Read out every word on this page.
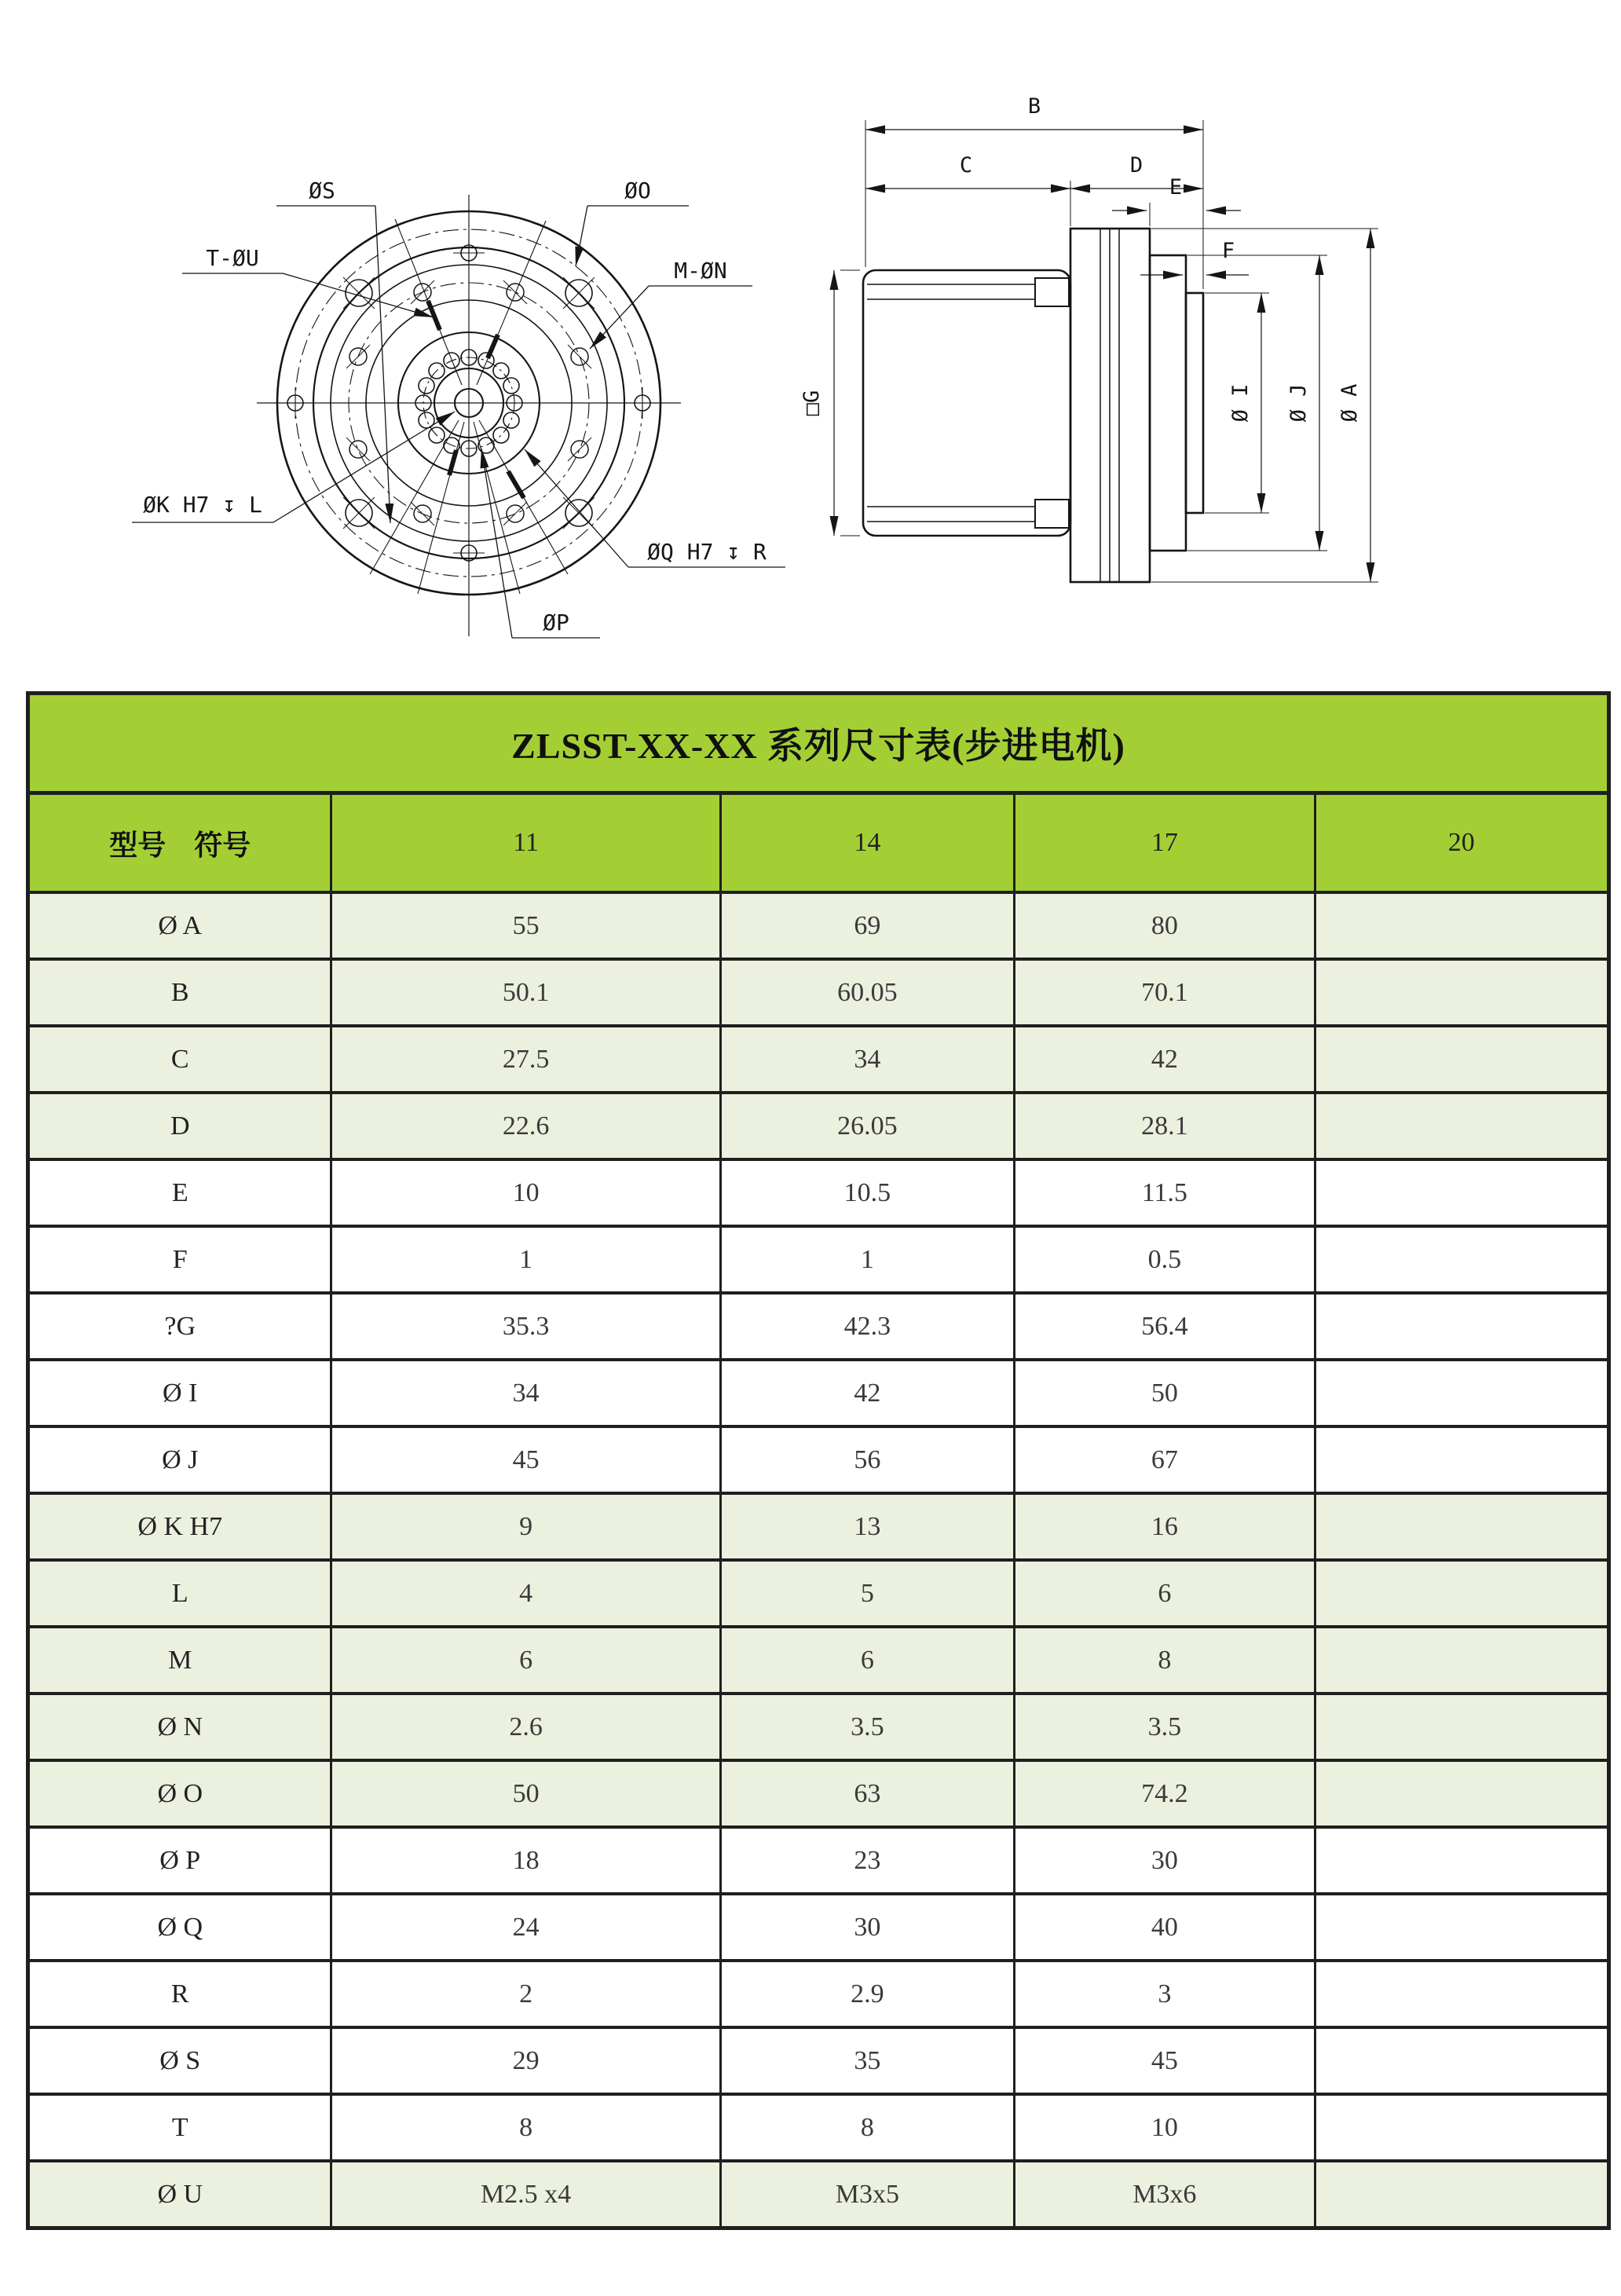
ØS	ØO
T-ØU	M-ØN
ØK H7 ↧ L
ØQ H7 ↧ R
ØP
B
C	D
E
F
□G	Ø I Ø J Ø A
ZLSST-XX-XX 系列尺寸表(步进电机)				
型号　符号	11	14	17	20
Ø A	55	69	80	
B	50.1	60.05	70.1	
C	27.5	34	42	
D	22.6	26.05	28.1	
E	10	10.5	11.5	
F	1	1	0.5	
?G	35.3	42.3	56.4	
Ø I	34	42	50	
Ø J	45	56	67	
Ø K H7	9	13	16	
L	4	5	6	
M	6	6	8	
Ø N	2.6	3.5	3.5	
Ø O	50	63	74.2	
Ø P	18	23	30	
Ø Q	24	30	40	
R	2	2.9	3	
Ø S	29	35	45	
T	8	8	10	
Ø U	M2.5 x4	M3x5	M3x6	
